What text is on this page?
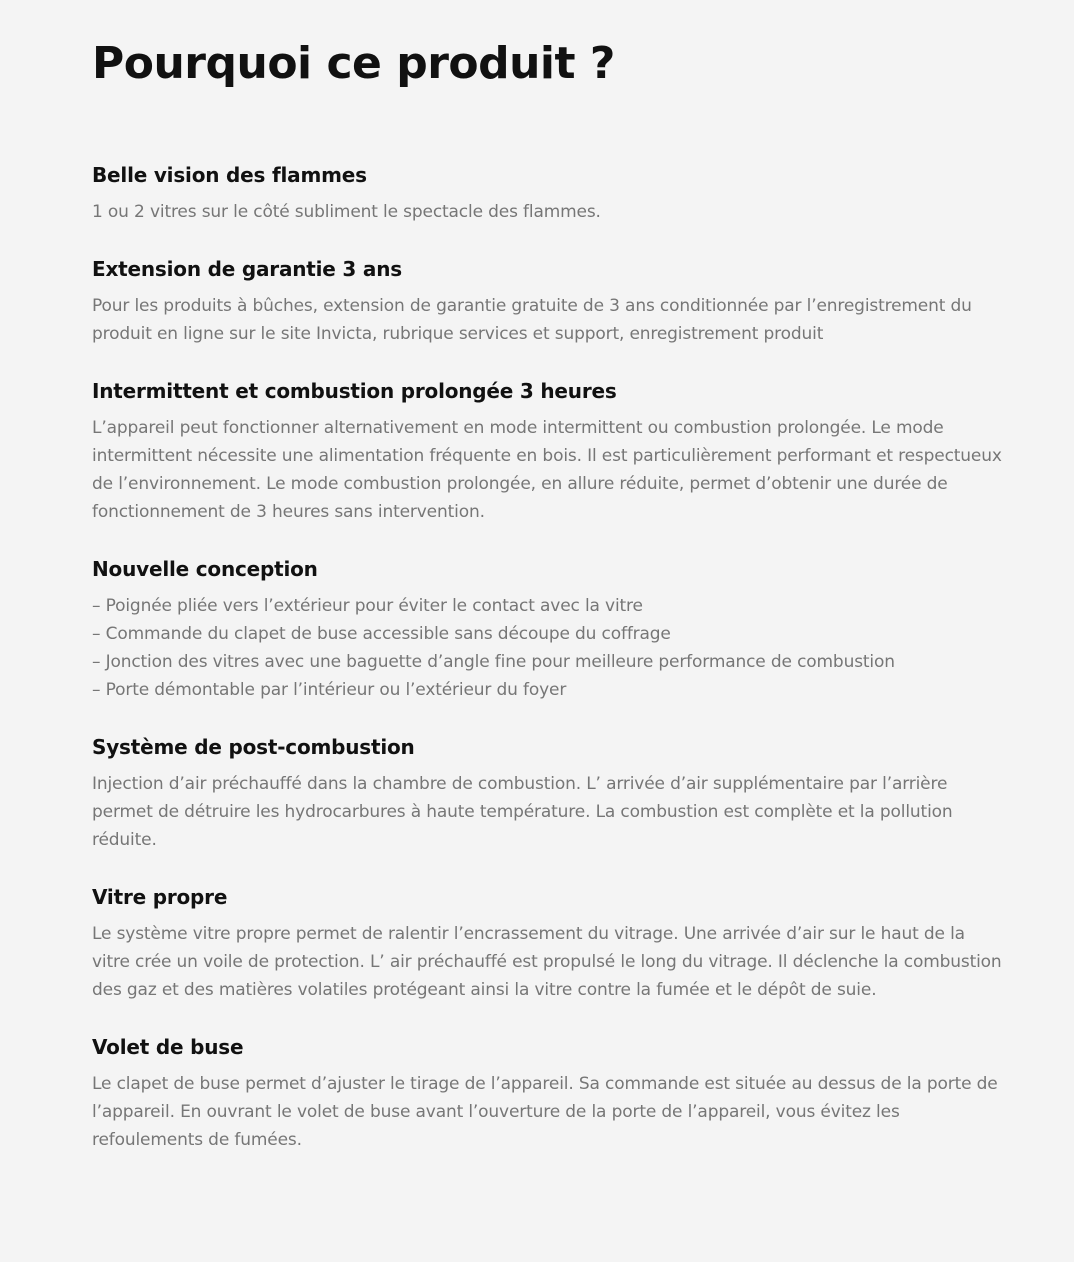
Pourquoi ce produit ?
Belle vision des flammes

1 ou 2 vitres sur le côté subliment le spectacle des flammes.

Extension de garantie 3 ans

Pour les produits à bûches, extension de garantie gratuite de 3 ans conditionnée par l’enregistrement du produit en ligne sur le site Invicta, rubrique services et support, enregistrement produit

Intermittent et combustion prolongée 3 heures

L’appareil peut fonctionner alternativement en mode intermittent ou combustion prolongée. Le mode intermittent nécessite une alimentation fréquente en bois. Il est particulièrement performant et respectueux de l’environnement. Le mode combustion prolongée, en allure réduite, permet d’obtenir une durée de fonctionnement de 3 heures sans intervention.

Nouvelle conception

– Poignée pliée vers l’extérieur pour éviter le contact avec la vitre
– Commande du clapet de buse accessible sans découpe du coffrage
– Jonction des vitres avec une baguette d’angle fine pour meilleure performance de combustion
– Porte démontable par l’intérieur ou l’extérieur du foyer

Système de post-combustion

Injection d’air préchauffé dans la chambre de combustion. L’ arrivée d’air supplémentaire par l’arrière permet de détruire les hydrocarbures à haute température. La combustion est complète et la pollution réduite.

Vitre propre

Le système vitre propre permet de ralentir l’encrassement du vitrage. Une arrivée d’air sur le haut de la vitre crée un voile de protection. L’ air préchauffé est propulsé le long du vitrage. Il déclenche la combustion des gaz et des matières volatiles protégeant ainsi la vitre contre la fumée et le dépôt de suie.

Volet de buse

Le clapet de buse permet d’ajuster le tirage de l’appareil. Sa commande est située au dessus de la porte de l’appareil. En ouvrant le volet de buse avant l’ouverture de la porte de l’appareil, vous évitez les refoulements de fumées.
